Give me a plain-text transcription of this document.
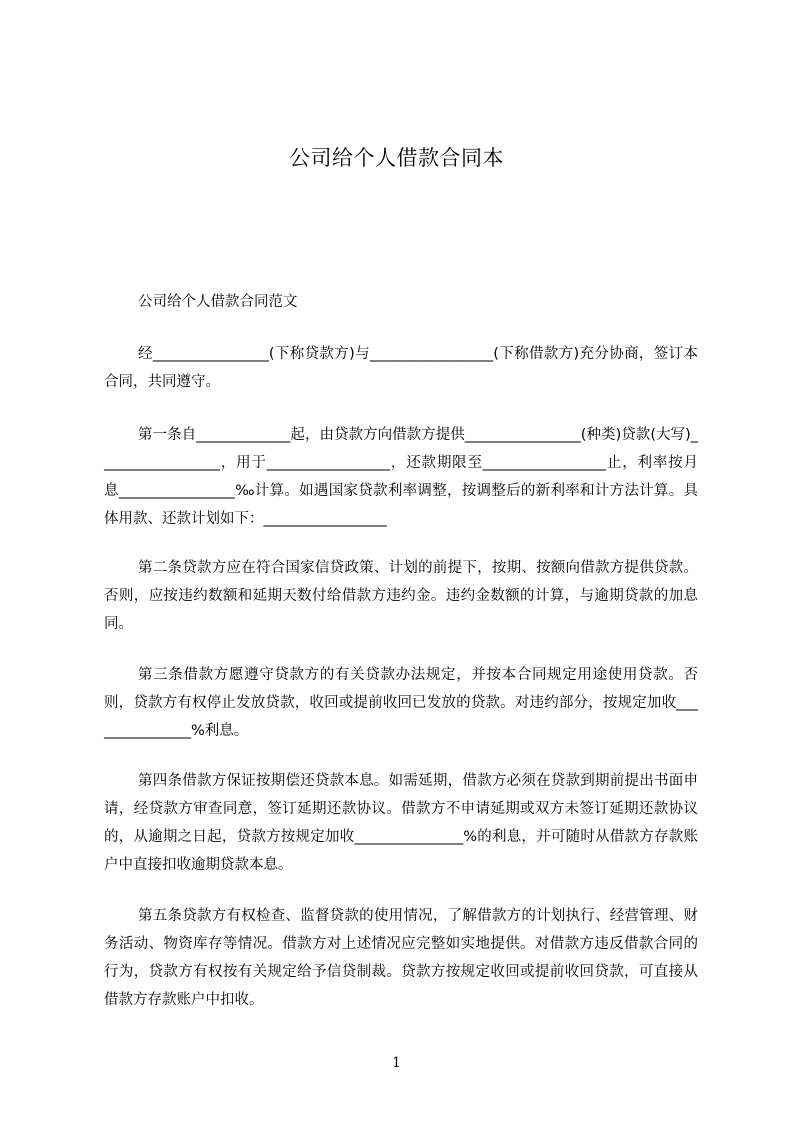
公司给个人借款合同本
公司给个人借款合同范文

经________________(下称贷款方)与_________________(下称借款方)充分协商，签订本合同，共同遵守。

第一条自_____________起，由贷款方向借款方提供________________(种类)贷款(大写)_________________，用于_________________，还款期限至_________________止，利率按月息________________‰计算。如遇国家贷款利率调整，按调整后的新利率和计方法计算。具体用款、还款计划如下：_________________

第二条贷款方应在符合国家信贷政策、计划的前提下，按期、按额向借款方提供贷款。否则，应按违约数额和延期天数付给借款方违约金。违约金数额的计算，与逾期贷款的加息同。

第三条借款方愿遵守贷款方的有关贷款办法规定，并按本合同规定用途使用贷款。否则，贷款方有权停止发放贷款，收回或提前收回已发放的贷款。对违约部分，按规定加收_______________%利息。

第四条借款方保证按期偿还贷款本息。如需延期，借款方必须在贷款到期前提出书面申请，经贷款方审查同意，签订延期还款协议。借款方不申请延期或双方未签订延期还款协议的，从逾期之日起，贷款方按规定加收_______________%的利息，并可随时从借款方存款账户中直接扣收逾期贷款本息。

第五条贷款方有权检查、监督贷款的使用情况，了解借款方的计划执行、经营管理、财务活动、物资库存等情况。借款方对上述情况应完整如实地提供。对借款方违反借款合同的行为，贷款方有权按有关规定给予信贷制裁。贷款方按规定收回或提前收回贷款，可直接从借款方存款账户中扣收。

1
